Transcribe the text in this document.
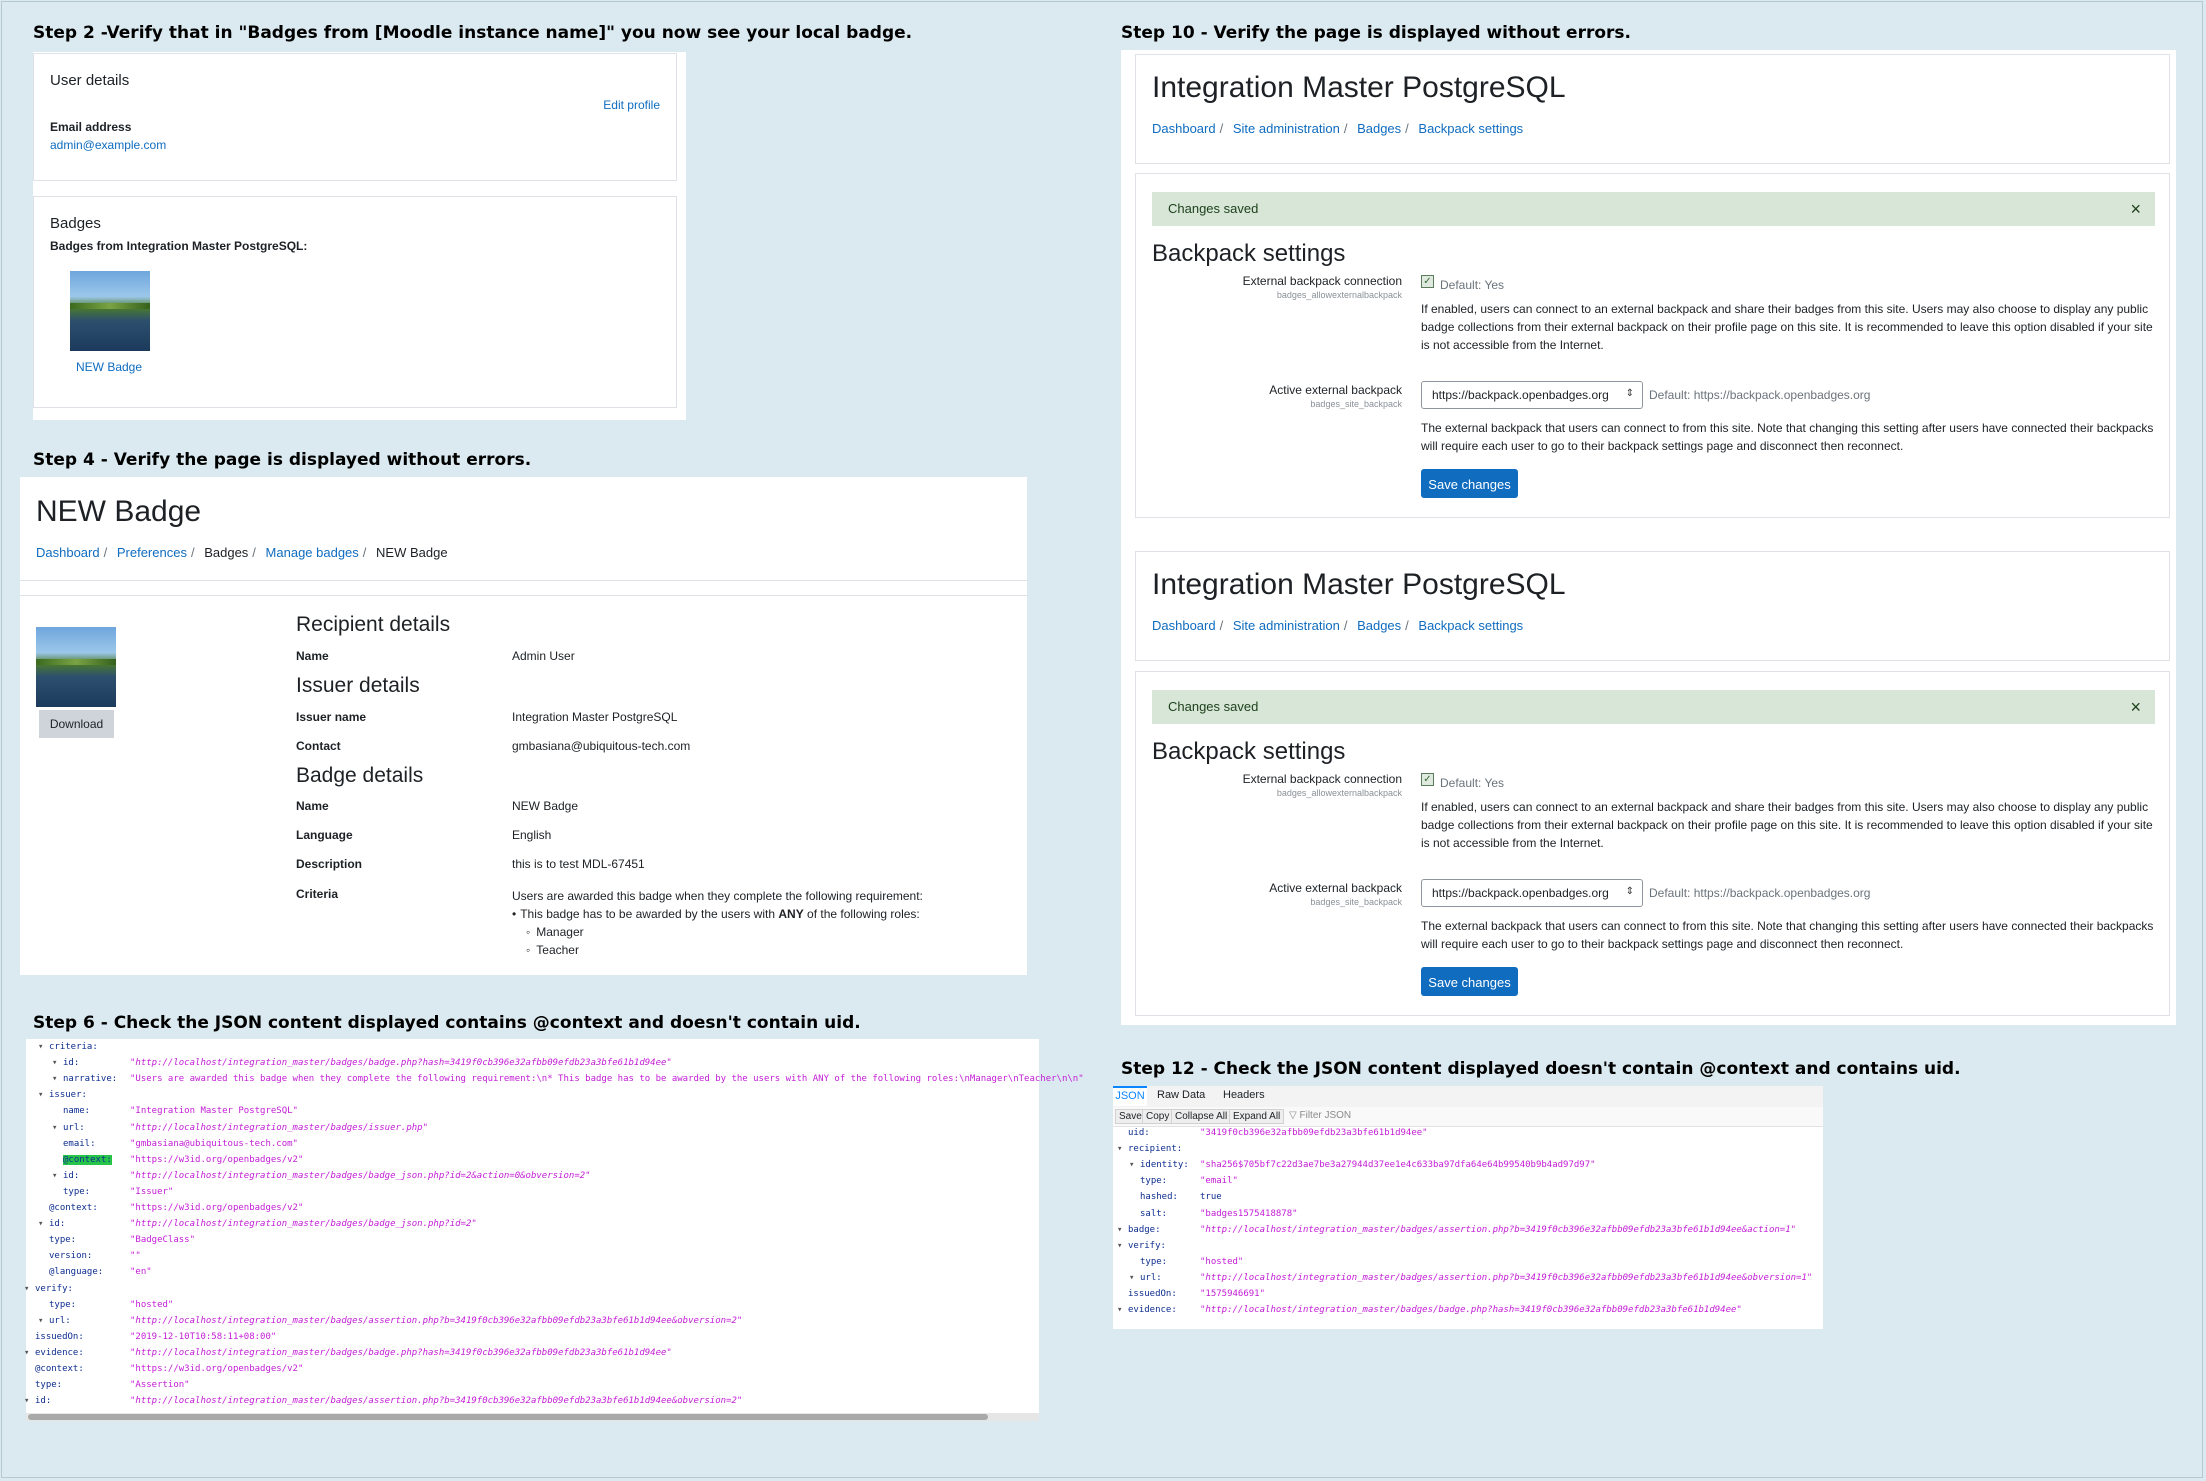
Step 2 -Verify that in "Badges from [Moodle instance name]" you now see your local badge.
User details
Edit profile
Email address
admin@example.com
Badges
Badges from Integration Master PostgreSQL:
NEW Badge
Step 4 - Verify the page is displayed without errors.
NEW Badge
Dashboard / Preferences / Badges / Manage badges / NEW Badge
Download
Recipient details
Name	Admin User
Issuer details
Issuer name	Integration Master PostgreSQL
Contact	gmbasiana@ubiquitous-tech.com
Badge details
Name	NEW Badge
Language	English
Description	this is to test MDL-67451
Criteria	Users are awarded this badge when they complete the following requirement:
• This badge has to be awarded by the users with ANY of the following roles:
◦ Manager
◦ Teacher
Step 6 - Check the JSON content displayed contains @context and doesn't contain uid.
▾ criteria:
▾ id:	"http://localhost/integration_master/badges/badge.php?hash=3419f0cb396e32afbb09efdb23a3bfe61b1d94ee"
▾ narrative: "Users are awarded this badge when they complete the following requirement:\n* This badge has to be awarded by the users with ANY of the following roles:\nManager\nTeacher\n\n"
▾ issuer:
name:	"Integration Master PostgreSQL"
▾ url:	"http://localhost/integration_master/badges/issuer.php"
email:	"gmbasiana@ubiquitous-tech.com"
@context: "https://w3id.org/openbadges/v2"
▾ id:	"http://localhost/integration_master/badges/badge_json.php?id=2&action=0&obversion=2"
type:	"Issuer"
@context:	"https://w3id.org/openbadges/v2"
▾ id:	"http://localhost/integration_master/badges/badge_json.php?id=2"
type:	"BadgeClass"
version:	""
@language:	"en"
▾ verify:
type:	"hosted"
▾ url:	"http://localhost/integration_master/badges/assertion.php?b=3419f0cb396e32afbb09efdb23a3bfe61b1d94ee&obversion=2"
issuedOn:	"2019-12-10T10:58:11+08:00"
▾ evidence:	"http://localhost/integration_master/badges/badge.php?hash=3419f0cb396e32afbb09efdb23a3bfe61b1d94ee"
@context:	"https://w3id.org/openbadges/v2"
type:	"Assertion"
▾ id:	"http://localhost/integration_master/badges/assertion.php?b=3419f0cb396e32afbb09efdb23a3bfe61b1d94ee&obversion=2"
Step 10 - Verify the page is displayed without errors.
Integration Master PostgreSQL
Dashboard / Site administration / Badges / Backpack settings
Changes saved	×
Backpack settings
External backpack connection
badges_allowexternalbackpack
✓ Default: Yes
If enabled, users can connect to an external backpack and share their badges from this site. Users may also choose to display any public badge collections from their external backpack on their profile page on this site. It is recommended to leave this option disabled if your site is not accessible from the Internet.
Active external backpack
badges_site_backpack
https://backpack.openbadges.org ⇕ Default: https://backpack.openbadges.org
The external backpack that users can connect to from this site. Note that changing this setting after users have connected their backpacks will require each user to go to their backpack settings page and disconnect then reconnect.
Save changes
Integration Master PostgreSQL
Dashboard / Site administration / Badges / Backpack settings
Changes saved	×
Backpack settings
External backpack connection
badges_allowexternalbackpack
✓ Default: Yes
If enabled, users can connect to an external backpack and share their badges from this site. Users may also choose to display any public badge collections from their external backpack on their profile page on this site. It is recommended to leave this option disabled if your site is not accessible from the Internet.
Active external backpack
badges_site_backpack
https://backpack.openbadges.org ⇕ Default: https://backpack.openbadges.org
The external backpack that users can connect to from this site. Note that changing this setting after users have connected their backpacks will require each user to go to their backpack settings page and disconnect then reconnect.
Save changes
Step 12 - Check the JSON content displayed doesn't contain @context and contains uid.
JSON Raw Data Headers
Save Copy Collapse All Expand All ▽ Filter JSON
uid:	"3419f0cb396e32afbb09efdb23a3bfe61b1d94ee"
▾ recipient:
▾ identity: "sha256$705bf7c22d3ae7be3a27944d37ee1e4c633ba97dfa64e64b99540b9b4ad97d97"
type:	"email"
hashed: true
salt:	"badges1575418878"
▾ badge:	"http://localhost/integration_master/badges/assertion.php?b=3419f0cb396e32afbb09efdb23a3bfe61b1d94ee&action=1"
▾ verify:
type:	"hosted"
▾ url:	"http://localhost/integration_master/badges/assertion.php?b=3419f0cb396e32afbb09efdb23a3bfe61b1d94ee&obversion=1"
issuedOn:	"1575946691"
▾ evidence:	"http://localhost/integration_master/badges/badge.php?hash=3419f0cb396e32afbb09efdb23a3bfe61b1d94ee"
